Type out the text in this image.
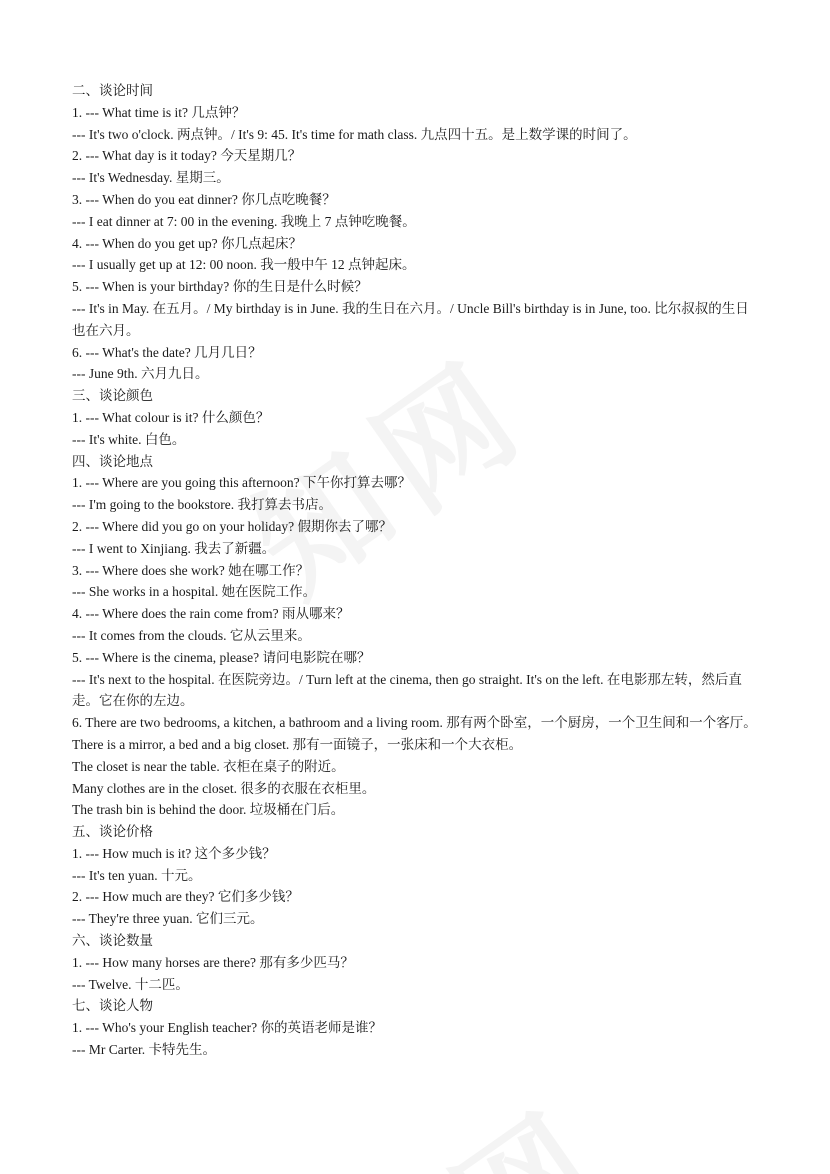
二、谈论时间

1. --- What time is it? 几点钟？

--- It's two o'clock. 两点钟。/ It's 9: 45. It's time for math class. 九点四十五。是上数学课的时间了。

2. --- What day is it today? 今天星期几？

--- It's Wednesday. 星期三。

3. --- When do you eat dinner? 你几点吃晚餐？

--- I eat dinner at 7: 00 in the evening. 我晚上 7 点钟吃晚餐。

4. --- When do you get up? 你几点起床？

--- I usually get up at 12: 00 noon. 我一般中午 12 点钟起床。

5. --- When is your birthday? 你的生日是什么时候？

--- It's in May. 在五月。/ My birthday is in June. 我的生日在六月。/ Uncle Bill's birthday is in June, too. 比尔叔叔的生日也在六月。

6. --- What's the date? 几月几日？

--- June 9th. 六月九日。

三、谈论颜色

1. --- What colour is it? 什么颜色？

--- It's white. 白色。

四、谈论地点

1. --- Where are you going this afternoon? 下午你打算去哪？

--- I'm going to the bookstore. 我打算去书店。

2. --- Where did you go on your holiday? 假期你去了哪？

--- I went to Xinjiang. 我去了新疆。

3. --- Where does she work? 她在哪工作？

--- She works in a hospital. 她在医院工作。

4. --- Where does the rain come from? 雨从哪来？

--- It comes from the clouds. 它从云里来。

5. --- Where is the cinema, please? 请问电影院在哪？

--- It's next to the hospital. 在医院旁边。/ Turn left at the cinema, then go straight. It's on the left. 在电影那左转，然后直走。它在你的左边。

6. There are two bedrooms, a kitchen, a bathroom and a living room. 那有两个卧室，一个厨房，一个卫生间和一个客厅。

There is a mirror, a bed and a big closet. 那有一面镜子，一张床和一个大衣柜。

The closet is near the table. 衣柜在桌子的附近。

Many clothes are in the closet. 很多的衣服在衣柜里。

The trash bin is behind the door. 垃圾桶在门后。

五、谈论价格

1. --- How much is it? 这个多少钱？

--- It's ten yuan. 十元。

2. --- How much are they? 它们多少钱？

--- They're three yuan. 它们三元。

六、谈论数量

1. --- How many horses are there? 那有多少匹马？

--- Twelve. 十二匹。

七、谈论人物

1. --- Who's your English teacher? 你的英语老师是谁？

--- Mr Carter. 卡特先生。
